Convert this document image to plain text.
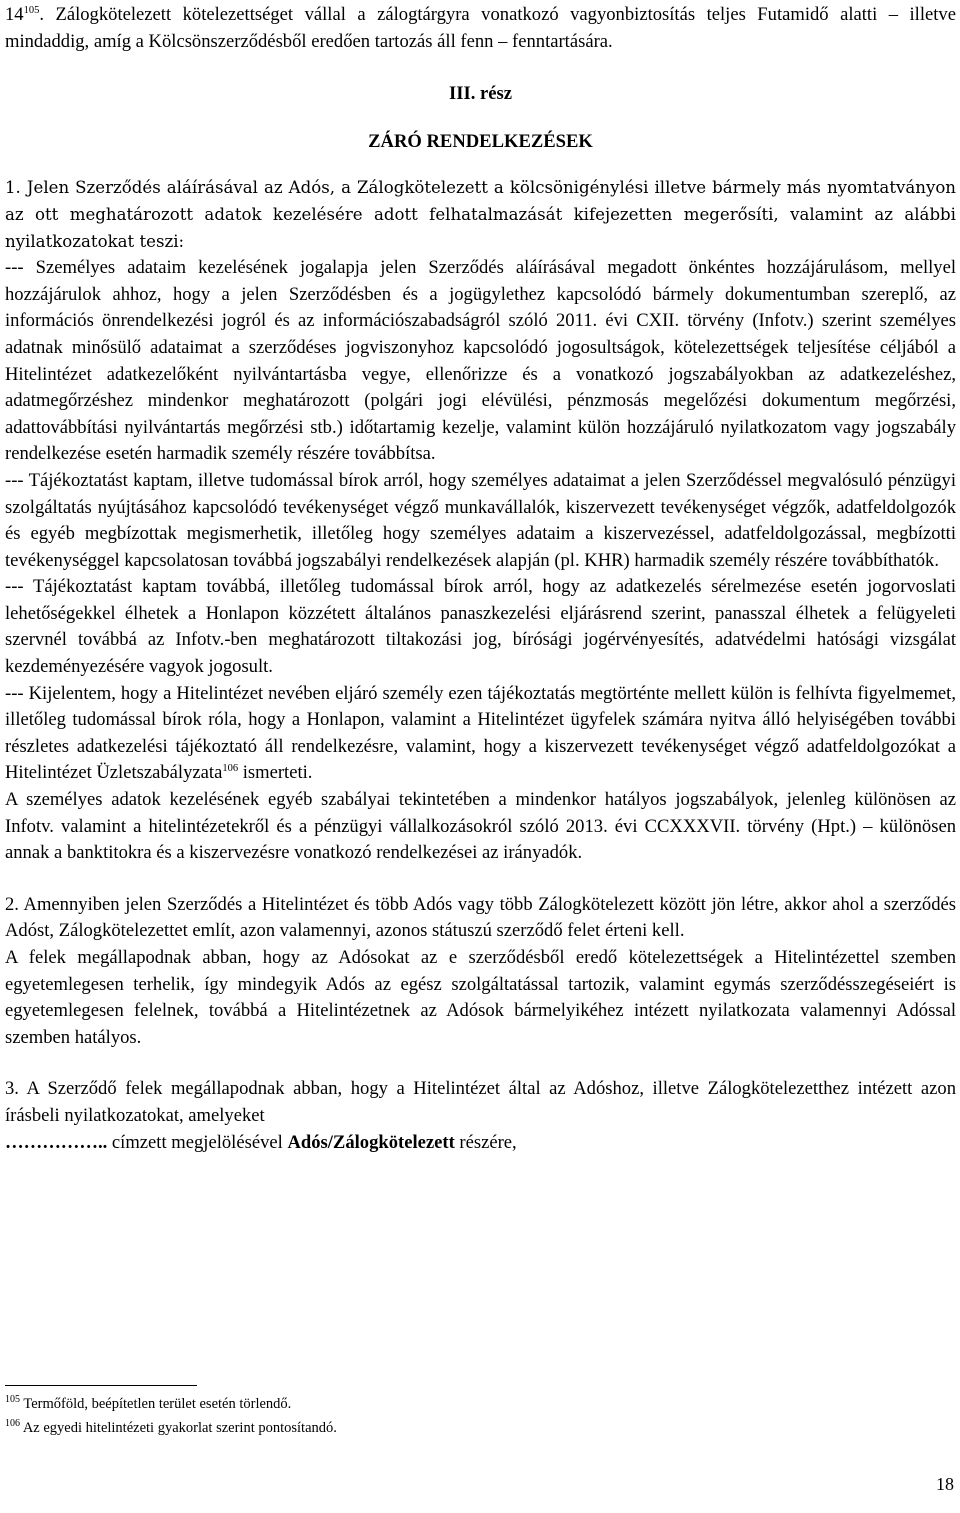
$14^{105}$. Zálogkötelezett kötelezettséget vállal a zálogtárgyra vonatkozó vagyonbiztosítás teljes Futamidő alatti – illetve mindaddig, amíg a Kölcsönszerződésből eredően tartozás áll fenn – fenntartására.

III. rész

ZÁRÓ RENDELKEZÉSEK

1. Jelen Szerződés aláírásával az Adós, a Zálogkötelezett a kölcsönigénylési illetve bármely más nyomtatványon az ott meghatározott adatok kezelésére adott felhatalmazását kifejezetten megerősíti, valamint az alábbi nyilatkozatokat teszi:

--- Személyes adataim kezelésének jogalapja jelen Szerződés aláírásával megadott önkéntes hozzájárulásom, mellyel hozzájárulok ahhoz, hogy a jelen Szerződésben és a jogügylethez kapcsolódó bármely dokumentumban szereplő, az információs önrendelkezési jogról és az információszabadságról szóló 2011. évi CXII. törvény (Infotv.) szerint személyes adatnak minősülő adataimat a szerződéses jogviszonyhoz kapcsolódó jogosultságok, kötelezettségek teljesítése céljából a Hitelintézet adatkezelőként nyilvántartásba vegye, ellenőrizze és a vonatkozó jogszabályokban az adatkezeléshez, adatmegőrzéshez mindenkor meghatározott (polgári jogi elévülési, pénzmosás megelőzési dokumentum megőrzési, adattovábbítási nyilvántartás megőrzési stb.) időtartamig kezelje, valamint külön hozzájáruló nyilatkozatom vagy jogszabály rendelkezése esetén harmadik személy részére továbbítsa.

--- Tájékoztatást kaptam, illetve tudomással bírok arról, hogy személyes adataimat a jelen Szerződéssel megvalósuló pénzügyi szolgáltatás nyújtásához kapcsolódó tevékenységet végző munkavállalók, kiszervezett tevékenységet végzők, adatfeldolgozók és egyéb megbízottak megismerhetik, illetőleg hogy személyes adataim a kiszervezéssel, adatfeldolgozással, megbízotti tevékenységgel kapcsolatosan továbbá jogszabályi rendelkezések alapján (pl. KHR) harmadik személy részére továbbíthatók.

--- Tájékoztatást kaptam továbbá, illetőleg tudomással bírok arról, hogy az adatkezelés sérelmezése esetén jogorvoslati lehetőségekkel élhetek a Honlapon közzétett általános panaszkezelési eljárásrend szerint, panasszal élhetek a felügyeleti szervnél továbbá az Infotv.-ben meghatározott tiltakozási jog, bírósági jogérvényesítés, adatvédelmi hatósági vizsgálat kezdeményezésére vagyok jogosult.

--- Kijelentem, hogy a Hitelintézet nevében eljáró személy ezen tájékoztatás megtörténte mellett külön is felhívta figyelmemet, illetőleg tudomással bírok róla, hogy a Honlapon, valamint a Hitelintézet ügyfelek számára nyitva álló helyiségében további részletes adatkezelési tájékoztató áll rendelkezésre, valamint, hogy a kiszervezett tevékenységet végző adatfeldolgozókat a Hitelintézet Üzletszabályzata$^{106}$ ismerteti.

A személyes adatok kezelésének egyéb szabályai tekintetében a mindenkor hatályos jogszabályok, jelenleg különösen az Infotv. valamint a hitelintézetekről és a pénzügyi vállalkozásokról szóló 2013. évi CCXXXVII. törvény (Hpt.) – különösen annak a banktitokra és a kiszervezésre vonatkozó rendelkezései az irányadók.

2. Amennyiben jelen Szerződés a Hitelintézet és több Adós vagy több Zálogkötelezett között jön létre, akkor ahol a szerződés Adóst, Zálogkötelezettet említ, azon valamennyi, azonos státuszú szerződő felet érteni kell.

A felek megállapodnak abban, hogy az Adósokat az e szerződésből eredő kötelezettségek a Hitelintézettel szemben egyetemlegesen terhelik, így mindegyik Adós az egész szolgáltatással tartozik, valamint egymás szerződésszegéseiért is egyetemlegesen felelnek, továbbá a Hitelintézetnek az Adósok bármelyikéhez intézett nyilatkozata valamennyi Adóssal szemben hatályos.

3. A Szerződő felek megállapodnak abban, hogy a Hitelintézet által az Adóshoz, illetve Zálogkötelezetthez intézett azon írásbeli nyilatkozatokat, amelyeket

…………….. címzett megjelölésével Adós/Zálogkötelezett részére,

$^{105}$ Termőföld, beépítetlen terület esetén törlendő.
$^{106}$ Az egyedi hitelintézeti gyakorlat szerint pontosítandó.
18
